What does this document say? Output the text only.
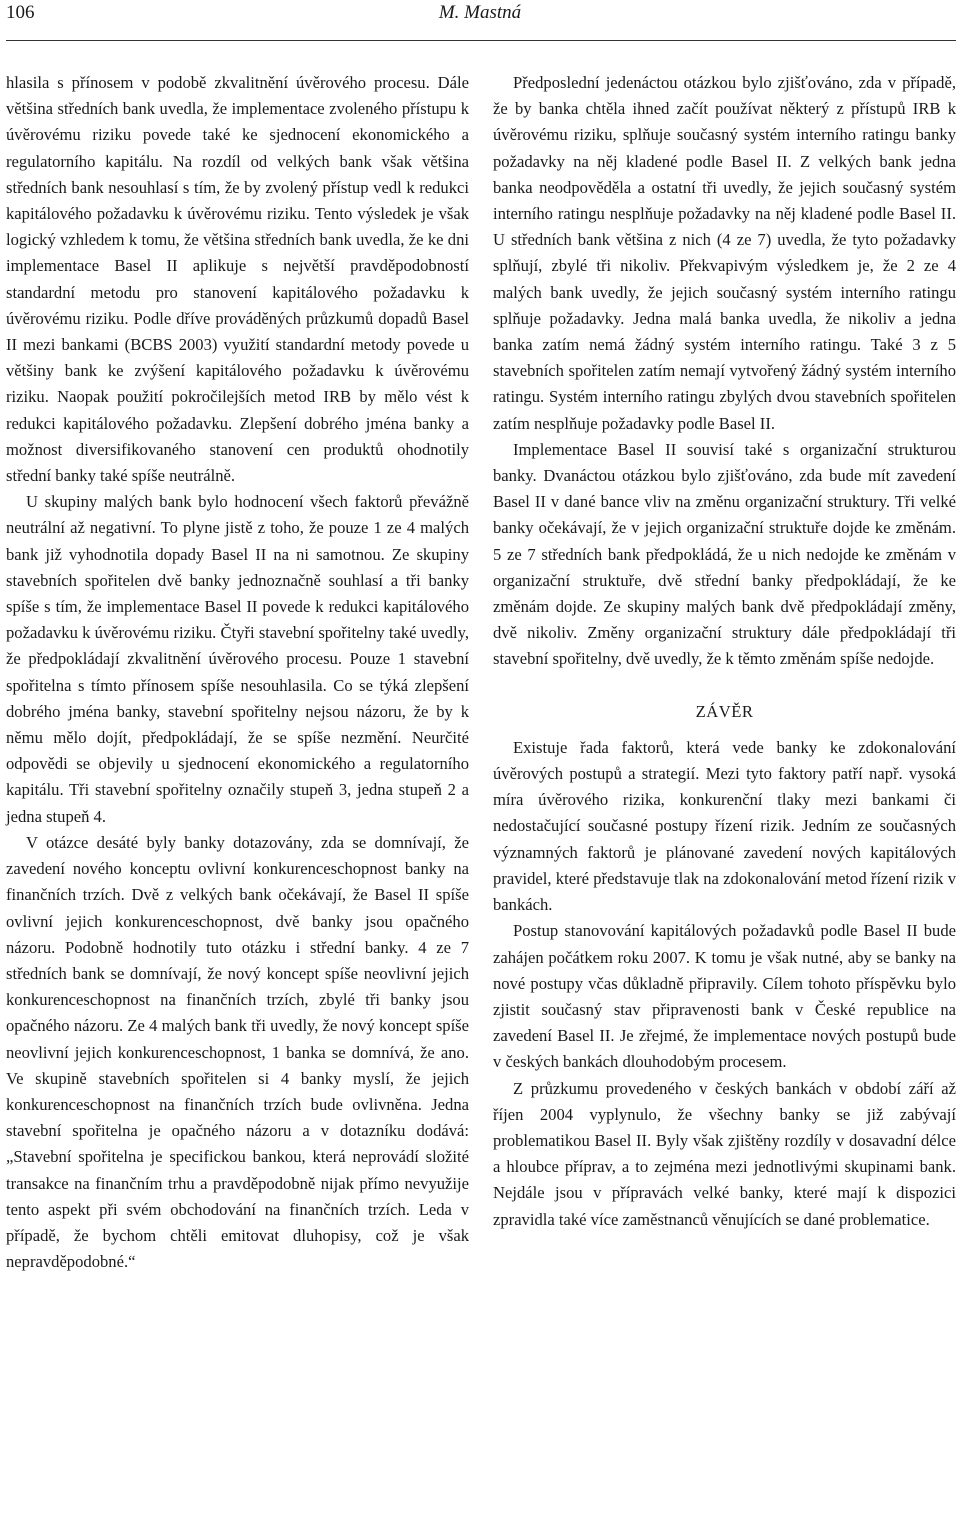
106	M. Mastná

hlasila s přínosem v podobě zkvalitnění úvěrového procesu. Dále většina středních bank uvedla, že implementace zvoleného přístupu k úvěrovému riziku povede také ke sjednocení ekonomického a regulatorního kapitálu. Na rozdíl od velkých bank však většina středních bank nesouhlasí s tím, že by zvolený přístup vedl k redukci kapitálového požadavku k úvěrovému riziku. Tento výsledek je však logický vzhledem k tomu, že většina středních bank uvedla, že ke dni implementace Basel II aplikuje s největší pravděpodobností standardní metodu pro stanovení kapitálového požadavku k úvěrovému riziku. Podle dříve prováděných průzkumů dopadů Basel II mezi bankami (BCBS 2003) využití standardní metody povede u většiny bank ke zvýšení kapitálového požadavku k úvěrovému riziku. Naopak použití pokročilejších metod IRB by mělo vést k redukci kapitálového požadavku. Zlepšení dobrého jména banky a možnost diversifikovaného stanovení cen produktů ohodnotily střední banky také spíše neutrálně.

U skupiny malých bank bylo hodnocení všech faktorů převážně neutrální až negativní. To plyne jistě z toho, že pouze 1 ze 4 malých bank již vyhodnotila dopady Basel II na ni samotnou. Ze skupiny stavebních spořitelen dvě banky jednoznačně souhlasí a tři banky spíše s tím, že implementace Basel II povede k redukci kapitálového požadavku k úvěrovému riziku. Čtyři stavební spořitelny také uvedly, že předpokládají zkvalitnění úvěrového procesu. Pouze 1 stavební spořitelna s tímto přínosem spíše nesouhlasila. Co se týká zlepšení dobrého jména banky, stavební spořitelny nejsou názoru, že by k němu mělo dojít, předpokládají, že se spíše nezmění. Neurčité odpovědi se objevily u sjednocení ekonomického a regulatorního kapitálu. Tři stavební spořitelny označily stupeň 3, jedna stupeň 2 a jedna stupeň 4.

V otázce desáté byly banky dotazovány, zda se domnívají, že zavedení nového konceptu ovlivní konkurenceschopnost banky na finančních trzích. Dvě z velkých bank očekávají, že Basel II spíše ovlivní jejich konkurenceschopnost, dvě banky jsou opačného názoru. Podobně hodnotily tuto otázku i střední banky. 4 ze 7 středních bank se domnívají, že nový koncept spíše neovlivní jejich konkurenceschopnost na finančních trzích, zbylé tři banky jsou opačného názoru. Ze 4 malých bank tři uvedly, že nový koncept spíše neovlivní jejich konkurenceschopnost, 1 banka se domnívá, že ano. Ve skupině stavebních spořitelen si 4 banky myslí, že jejich konkurenceschopnost na finančních trzích bude ovlivněna. Jedna stavební spořitelna je opačného názoru a v dotazníku dodává: „Stavební spořitelna je specifickou bankou, která neprovádí složité transakce na finančním trhu a pravděpodobně nijak přímo nevyužije tento aspekt při svém obchodování na finančních trzích. Leda v případě, že bychom chtěli emitovat dluhopisy, což je však nepravděpodobné.“

Předposlední jedenáctou otázkou bylo zjišťováno, zda v případě, že by banka chtěla ihned začít používat některý z přístupů IRB k úvěrovému riziku, splňuje současný systém interního ratingu banky požadavky na něj kladené podle Basel II. Z velkých bank jedna banka neodpověděla a ostatní tři uvedly, že jejich současný systém interního ratingu nesplňuje požadavky na něj kladené podle Basel II. U středních bank většina z nich (4 ze 7) uvedla, že tyto požadavky splňují, zbylé tři nikoliv. Překvapivým výsledkem je, že 2 ze 4 malých bank uvedly, že jejich současný systém interního ratingu splňuje požadavky. Jedna malá banka uvedla, že nikoliv a jedna banka zatím nemá žádný systém interního ratingu. Také 3 z 5 stavebních spořitelen zatím nemají vytvořený žádný systém interního ratingu. Systém interního ratingu zbylých dvou stavebních spořitelen zatím nesplňuje požadavky podle Basel II.

Implementace Basel II souvisí také s organizační strukturou banky. Dvanáctou otázkou bylo zjišťováno, zda bude mít zavedení Basel II v dané bance vliv na změnu organizační struktury. Tři velké banky očekávají, že v jejich organizační struktuře dojde ke změnám. 5 ze 7 středních bank předpokládá, že u nich nedojde ke změnám v organizační struktuře, dvě střední banky předpokládají, že ke změnám dojde. Ze skupiny malých bank dvě předpokládají změny, dvě nikoliv. Změny organizační struktury dále předpokládají tři stavební spořitelny, dvě uvedly, že k těmto změnám spíše nedojde.

ZÁVĚR

Existuje řada faktorů, která vede banky ke zdokonalování úvěrových postupů a strategií. Mezi tyto faktory patří např. vysoká míra úvěrového rizika, konkurenční tlaky mezi bankami či nedostačující současné postupy řízení rizik. Jedním ze současných významných faktorů je plánované zavedení nových kapitálových pravidel, které představuje tlak na zdokonalování metod řízení rizik v bankách.

Postup stanovování kapitálových požadavků podle Basel II bude zahájen počátkem roku 2007. K tomu je však nutné, aby se banky na nové postupy včas důkladně připravily. Cílem tohoto příspěvku bylo zjistit současný stav připravenosti bank v České republice na zavedení Basel II. Je zřejmé, že implementace nových postupů bude v českých bankách dlouhodobým procesem.

Z průzkumu provedeného v českých bankách v období září až říjen 2004 vyplynulo, že všechny banky se již zabývají problematikou Basel II. Byly však zjištěny rozdíly v dosavadní délce a hloubce příprav, a to zejména mezi jednotlivými skupinami bank. Nejdále jsou v přípravách velké banky, které mají k dispozici zpravidla také více zaměstnanců věnujících se dané problematice.
